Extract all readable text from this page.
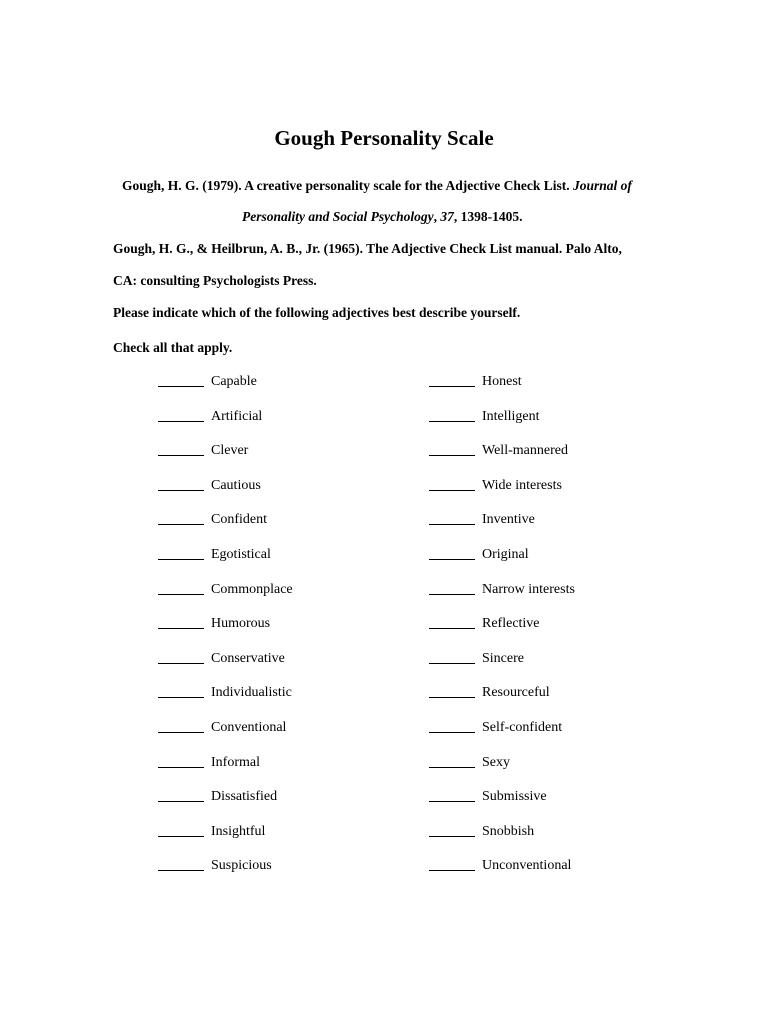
Gough Personality Scale
Gough, H. G. (1979). A creative personality scale for the Adjective Check List. Journal of
Personality and Social Psychology, 37, 1398-1405.
Gough, H. G., & Heilbrun, A. B., Jr. (1965). The Adjective Check List manual. Palo Alto,
CA: consulting Psychologists Press.
Please indicate which of the following adjectives best describe yourself.
Check all that apply.
Capable
Artificial
Clever
Cautious
Confident
Egotistical
Commonplace
Humorous
Conservative
Individualistic
Conventional
Informal
Dissatisfied
Insightful
Suspicious
Honest
Intelligent
Well-mannered
Wide interests
Inventive
Original
Narrow interests
Reflective
Sincere
Resourceful
Self-confident
Sexy
Submissive
Snobbish
Unconventional
